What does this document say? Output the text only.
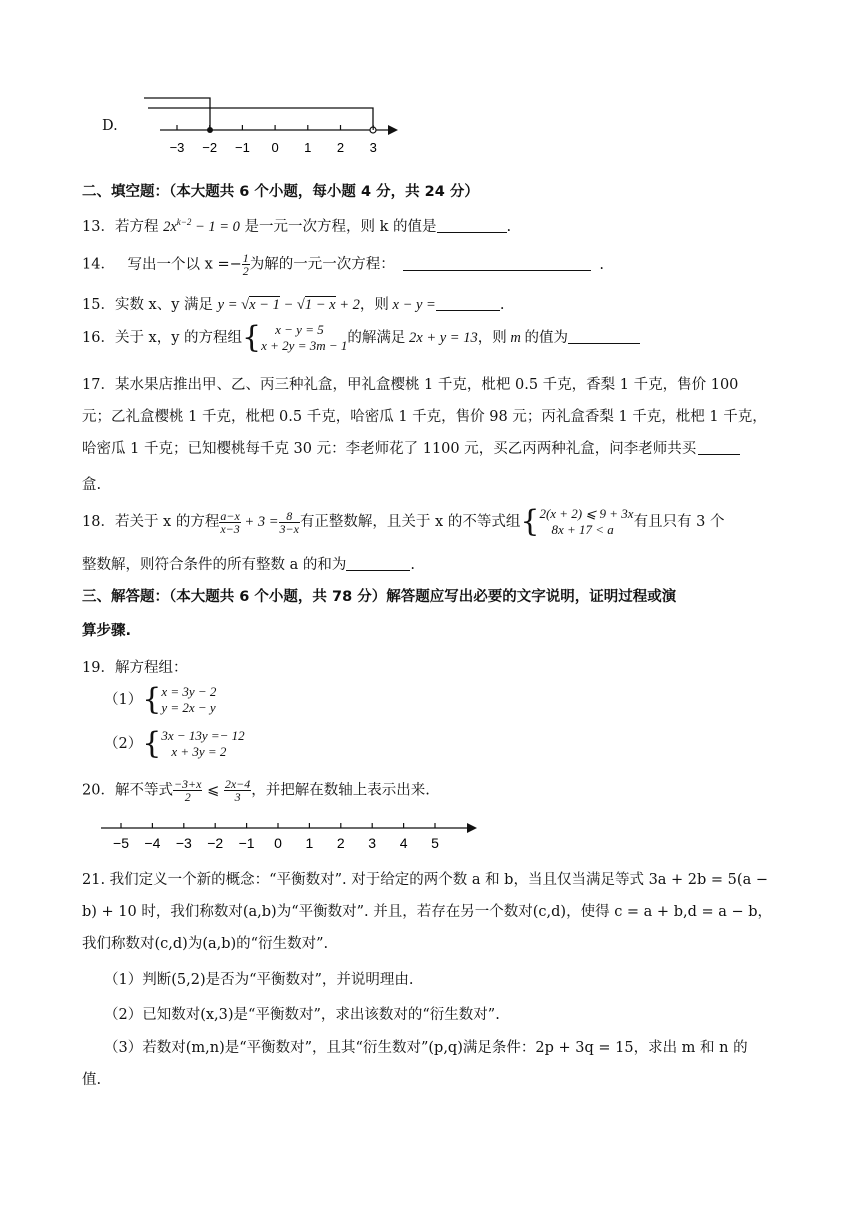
D.
−3 −2 −1 0 1 2 3
二、填空题：（本大题共 6 个小题，每小题 4 分，共 24 分）
13．若方程 $2x^{k-2} - 1 = 0$ 是一元一次方程，则 k 的值是	.
14． 写出一个以 $x =- \frac{1}{2}$ 为解的一元一次方程：	.
15．实数 x、y 满足 y = √x − 1 − √1 − x + 2，则 x − y =	.
16．关于 x，y 的方程组{	x − y = 5
x + 2y = 3m − 1 的解满足 2x + y = 13，则 m 的值为
17．某水果店推出甲、乙、丙三种礼盒，甲礼盒樱桃 1 千克，枇杷 0.5 千克，香梨 1 千克，售价 100
元；乙礼盒樱桃 1 千克，枇杷 0.5 千克，哈密瓜 1 千克，售价 98 元；丙礼盒香梨 1 千克，枇杷 1 千克，
哈密瓜 1 千克；已知樱桃每千克 30 元：李老师花了 1100 元，买乙丙两种礼盒，问李老师共买
盒.
18．若关于 x 的方程 $\frac{a-x}{x-3} + 3 = \frac{8}{3-x}$ 有正整数解，且关于 x 的不等式组{ 2(x + 2) ⩽ 9 + 3x
8x + 17 < a	有且只有 3 个
整数解，则符合条件的所有整数 a 的和为	.
三、解答题：（本大题共 6 个小题，共 78 分）解答题应写出必要的文字说明，证明过程或演
算步骤.
19．解方程组：
（1）{ x = 3y − 2
y = 2x − y
（2）{ 3x − 13y =− 12
x + 3y = 2
20．解不等式 $\frac{-3+x}{2}$ ⩽ $\frac{2x-4}{3}$ ，并把解在数轴上表示出来.
−5 −4 −3 −2 −1 0 1 2 3 4 5
21. 我们定义一个新的概念：“平衡数对”. 对于给定的两个数 a 和 b，当且仅当满足等式 3a + 2b = 5(a −
b) + 10 时，我们称数对(a,b)为“平衡数对”. 并且，若存在另一个数对(c,d)，使得 c = a + b,d = a − b，
我们称数对(c,d)为(a,b)的“衍生数对”.
（1）判断(5,2)是否为“平衡数对”，并说明理由.
（2）已知数对(x,3)是“平衡数对”，求出该数对的“衍生数对”.
（3）若数对(m,n)是“平衡数对”，且其“衍生数对”(p,q)满足条件：2p + 3q = 15，求出 m 和 n 的
值.
